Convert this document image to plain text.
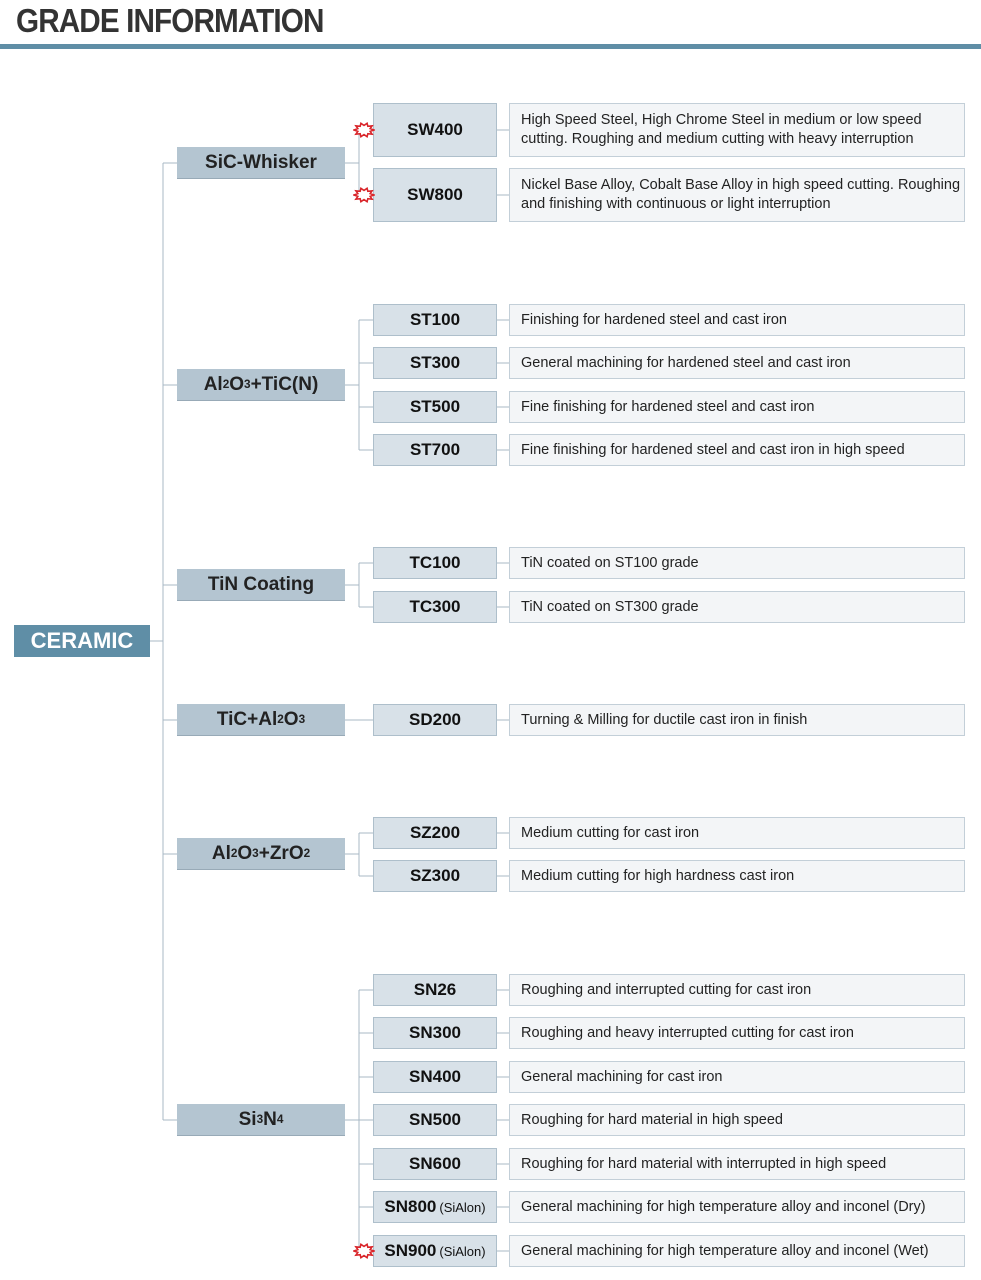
GRADE INFORMATION
CERAMIC
SiC-Whisker
SW400	High Speed Steel, High Chrome Steel in medium or low speed cutting. Roughing and medium cutting with heavy interruption
SW800	Nickel Base Alloy, Cobalt Base Alloy in high speed cutting. Roughing and finishing with continuous or light interruption
Al 2 O 3 +TiC(N)
ST100	Finishing for hardened steel and cast iron
ST300	General machining for hardened steel and cast iron
ST500	Fine finishing for hardened steel and cast iron
ST700	Fine finishing for hardened steel and cast iron in high speed
TiN Coating
TC100	TiN coated on ST100 grade
TC300	TiN coated on ST300 grade
TiC+Al 2 O 3	SD200	Turning & Milling for ductile cast iron in finish
Al 2 O 3 +ZrO 2
SZ200	Medium cutting for cast iron
SZ300	Medium cutting for high hardness cast iron
Si 3 N 4
SN26	Roughing and interrupted cutting for cast iron
SN300	Roughing and heavy interrupted cutting for cast iron
SN400	General machining for cast iron
SN500	Roughing for hard material in high speed
SN600	Roughing for hard material with interrupted in high speed
SN800 (SiAlon)	General machining for high temperature alloy and inconel (Dry)
SN900 (SiAlon)	General machining for high temperature alloy and inconel (Wet)
